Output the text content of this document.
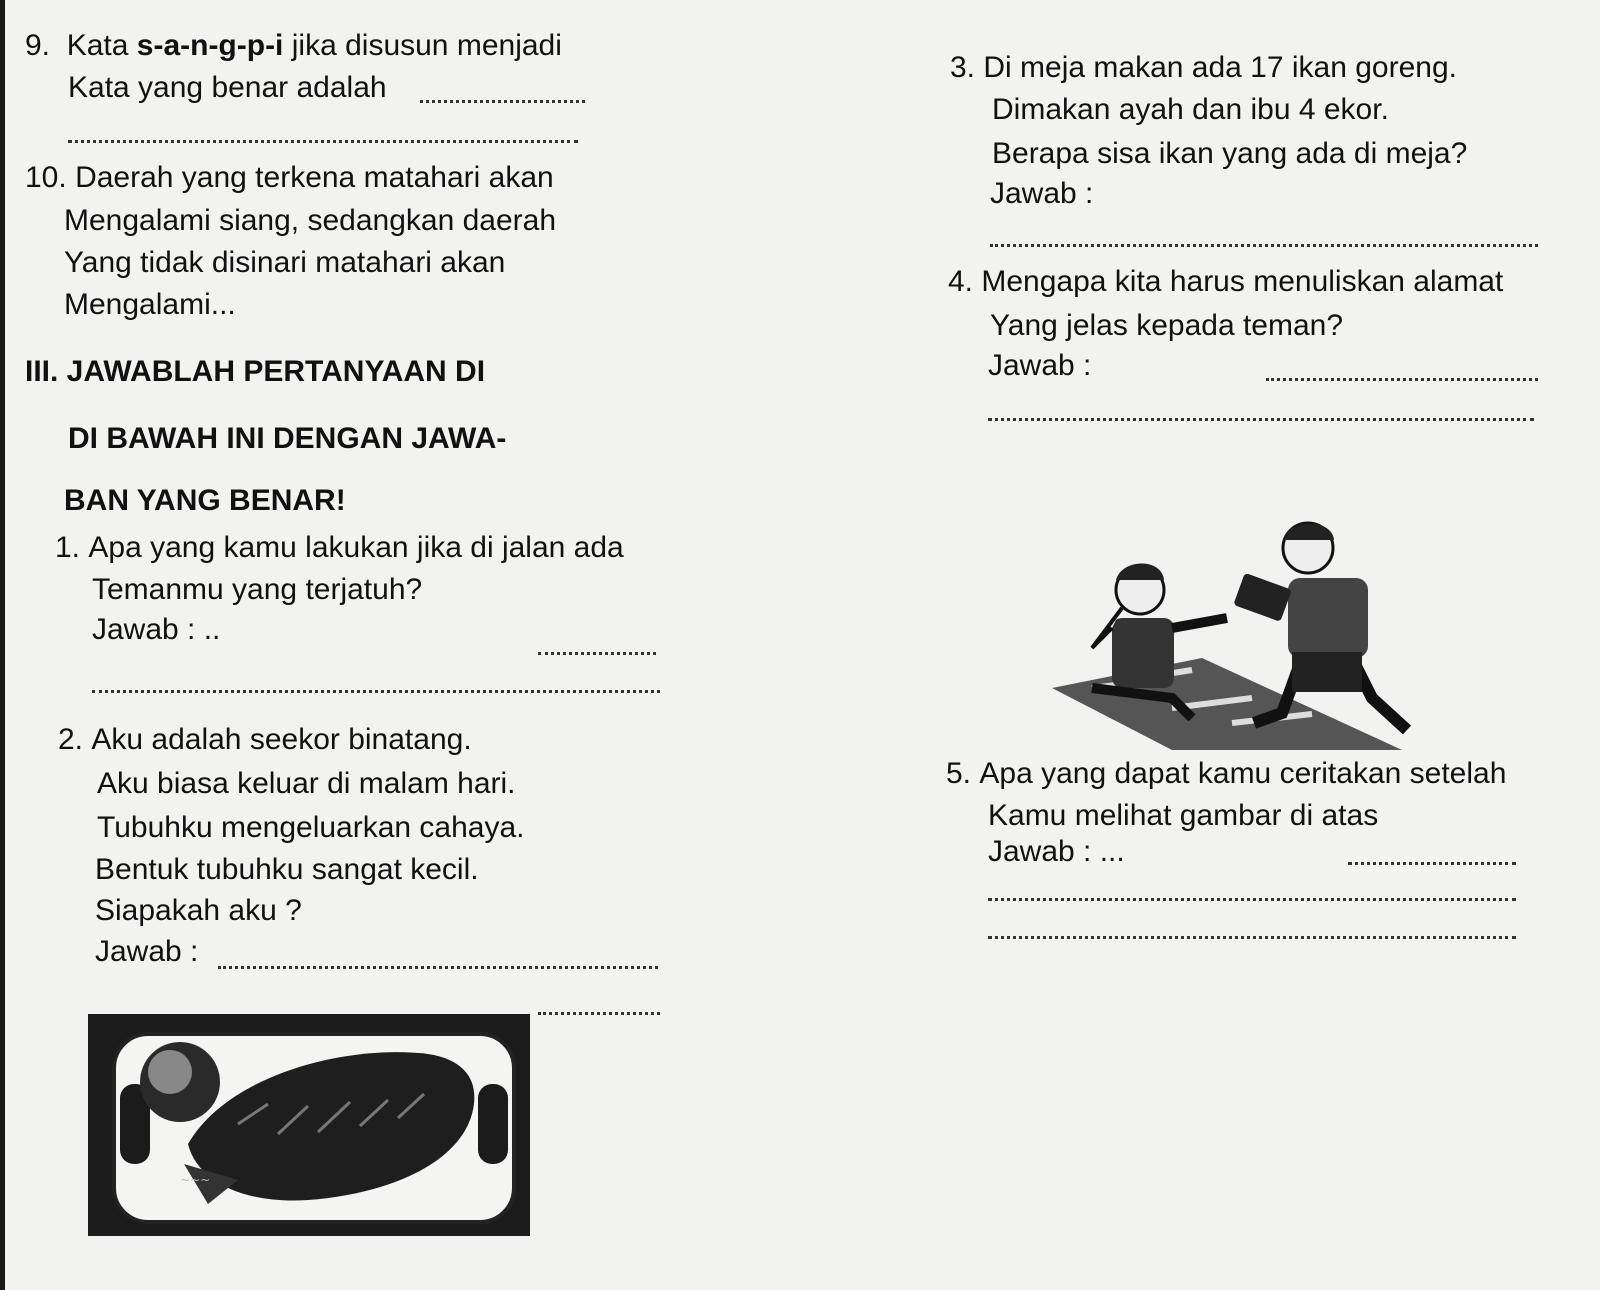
9. Kata s-a-n-g-p-i jika disusun menjadi
Kata yang benar adalah
10. Daerah yang terkena matahari akan
Mengalami siang, sedangkan daerah
Yang tidak disinari matahari akan
Mengalami...
III. JAWABLAH PERTANYAAN DI
DI BAWAH INI DENGAN JAWA-
BAN YANG BENAR!
1. Apa yang kamu lakukan jika di jalan ada
Temanmu yang terjatuh?
Jawab : ..
2. Aku adalah seekor binatang.
Aku biasa keluar di malam hari.
Tubuhku mengeluarkan cahaya.
Bentuk tubuhku sangat kecil.
Siapakah aku ?
Jawab :
~~~
3. Di meja makan ada 17 ikan goreng.
Dimakan ayah dan ibu 4 ekor.
Berapa sisa ikan yang ada di meja?
Jawab :
4. Mengapa kita harus menuliskan alamat
Yang jelas kepada teman?
Jawab :
5. Apa yang dapat kamu ceritakan setelah
Kamu melihat gambar di atas
Jawab : ...
